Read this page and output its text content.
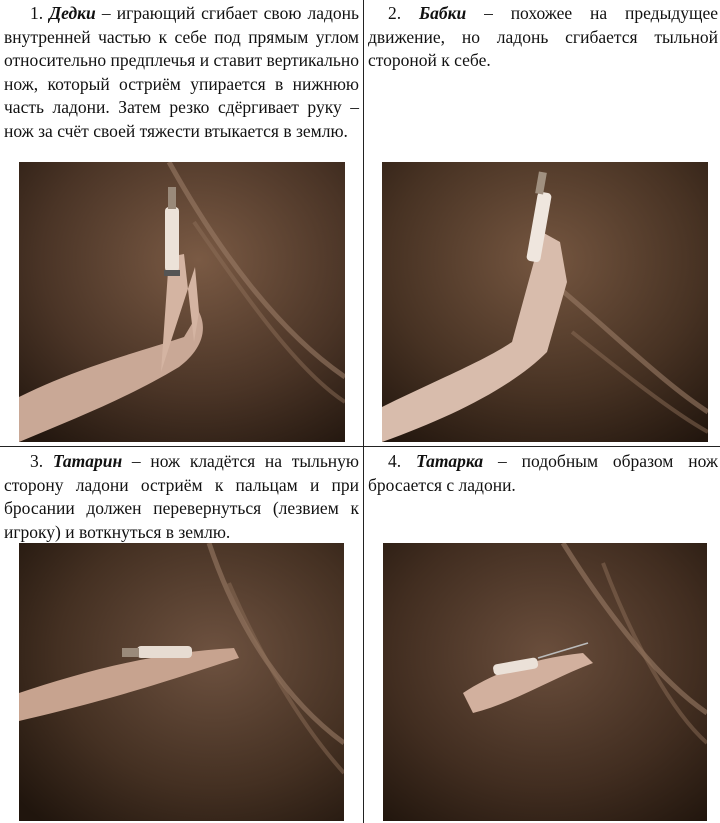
1. Дедки – играющий сгибает свою ладонь внутренней частью к себе под прямым углом относительно предплечья и ставит вертикально нож, который остриём упирается в нижнюю часть ладони. Затем резко сдёргивает руку – нож за счёт своей тяжести втыкается в землю.
2. Бабки – похожее на предыдущее движение, но ладонь сгибается тыльной стороной к себе.
3. Татарин – нож кладётся на тыльную сторону ладони остриём к пальцам и при бросании должен перевернуться (лезвием к игроку) и воткнуться в землю.
4. Татарка – подобным образом нож бросается с ладони.
